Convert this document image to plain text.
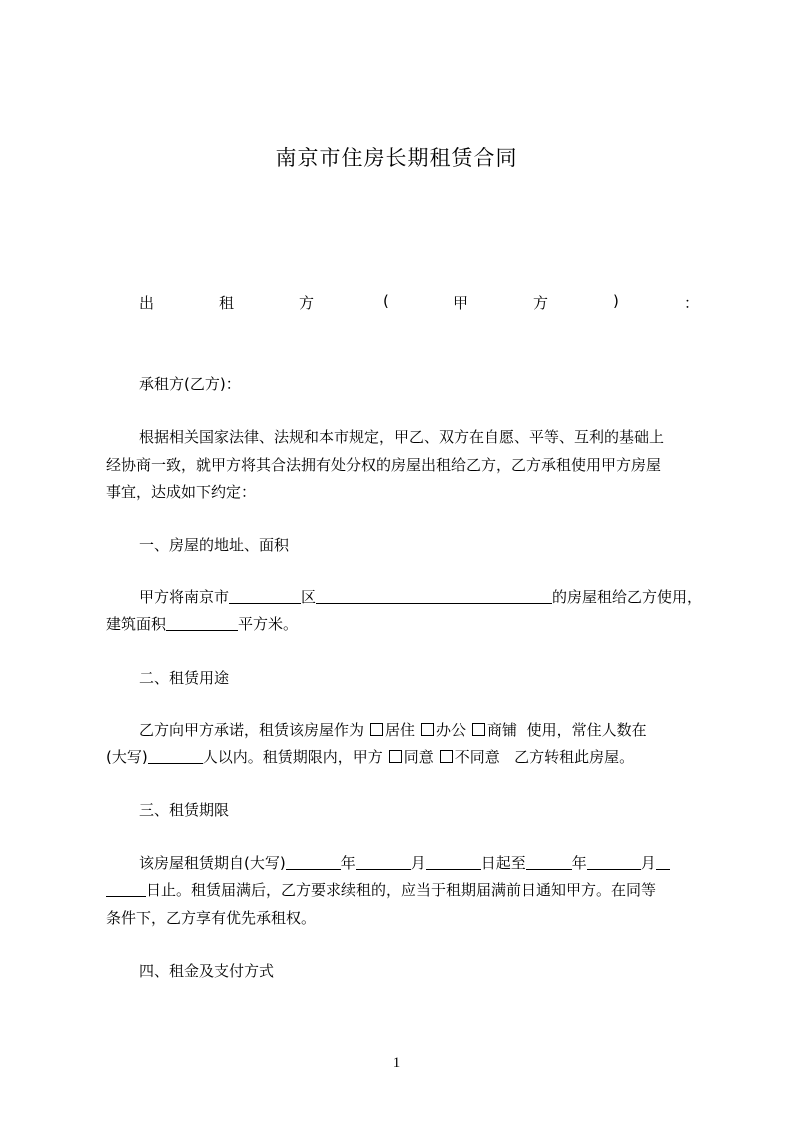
南京市住房长期租赁合同
出	租	方	(	甲	方	)	：
承租方(乙方)：
根据相关国家法律、法规和本市规定，甲乙、双方在自愿、平等、互利的基础上
经协商一致，就甲方将其合法拥有处分权的房屋出租给乙方，乙方承租使用甲方房屋
事宜，达成如下约定：
一、房屋的地址、面积
甲方将南京市	区	的房屋租给乙方使用，
建筑面积	平方米。
二、租赁用途
乙方向甲方承诺，租赁该房屋作为 居住 办公 商铺 使用，常住人数在
(大写)	人以内。租赁期限内，甲方 同意 不同意 乙方转租此房屋。
三、租赁期限
该房屋租赁期自(大写)	年	月	日起至	年	月
日止。租赁届满后，乙方要求续租的，应当于租期届满前日通知甲方。在同等
条件下，乙方享有优先承租权。
四、租金及支付方式
1
